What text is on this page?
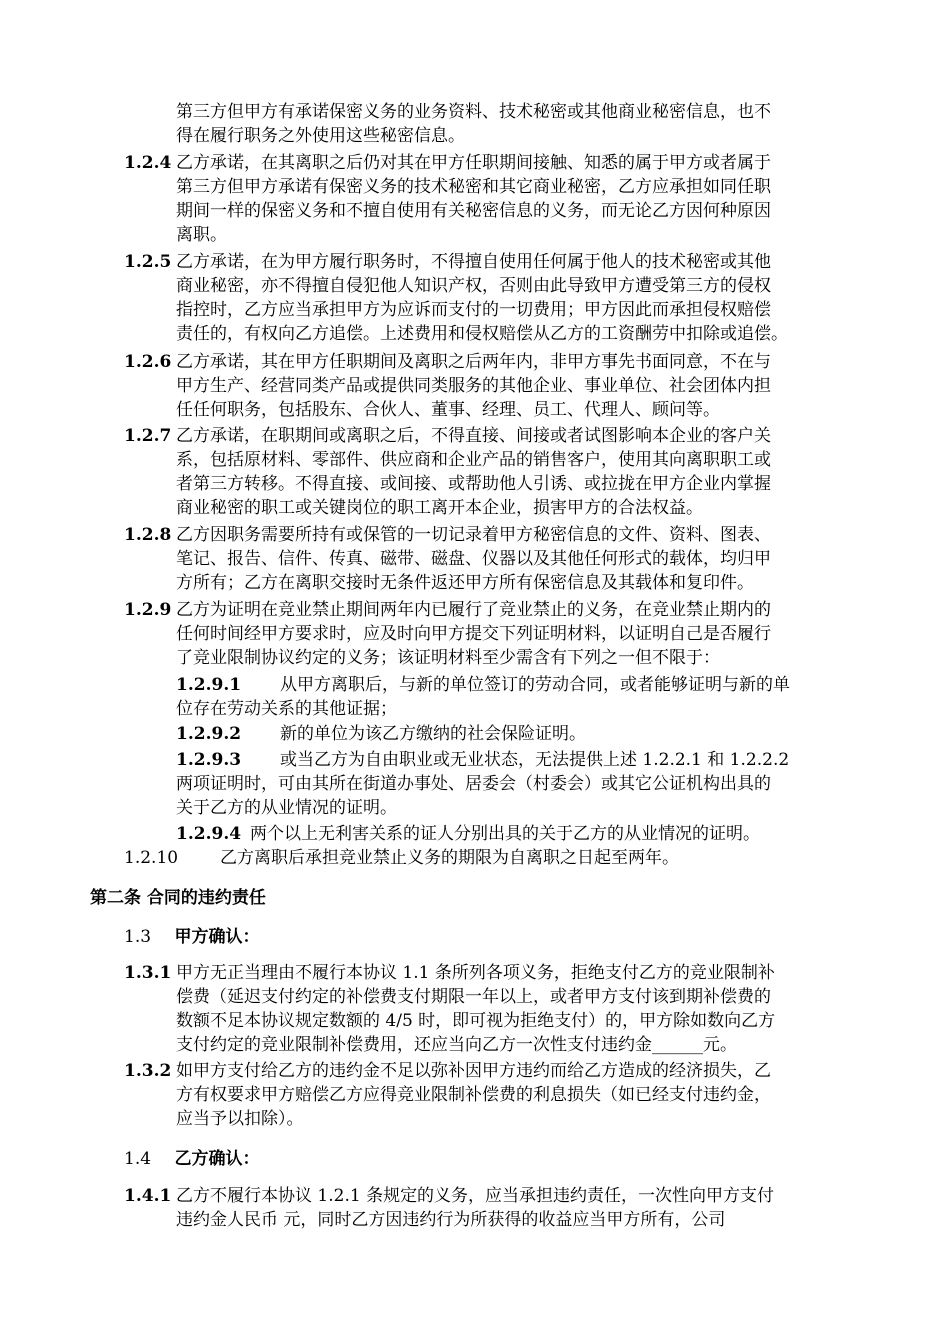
第三方但甲方有承诺保密义务的业务资料、技术秘密或其他商业秘密信息，也不
得在履行职务之外使用这些秘密信息。
1.2.4 乙方承诺，在其离职之后仍对其在甲方任职期间接触、知悉的属于甲方或者属于
第三方但甲方承诺有保密义务的技术秘密和其它商业秘密，乙方应承担如同任职
期间一样的保密义务和不擅自使用有关秘密信息的义务，而无论乙方因何种原因
离职。
1.2.5 乙方承诺，在为甲方履行职务时，不得擅自使用任何属于他人的技术秘密或其他
商业秘密，亦不得擅自侵犯他人知识产权，否则由此导致甲方遭受第三方的侵权
指控时，乙方应当承担甲方为应诉而支付的一切费用；甲方因此而承担侵权赔偿
责任的，有权向乙方追偿。上述费用和侵权赔偿从乙方的工资酬劳中扣除或追偿。
1.2.6 乙方承诺，其在甲方任职期间及离职之后两年内，非甲方事先书面同意，不在与
甲方生产、经营同类产品或提供同类服务的其他企业、事业单位、社会团体内担
任任何职务，包括股东、合伙人、董事、经理、员工、代理人、顾问等。
1.2.7 乙方承诺，在职期间或离职之后，不得直接、间接或者试图影响本企业的客户关
系，包括原材料、零部件、供应商和企业产品的销售客户，使用其向离职职工或
者第三方转移。不得直接、或间接、或帮助他人引诱、或拉拢在甲方企业内掌握
商业秘密的职工或关键岗位的职工离开本企业，损害甲方的合法权益。
1.2.8 乙方因职务需要所持有或保管的一切记录着甲方秘密信息的文件、资料、图表、
笔记、报告、信件、传真、磁带、磁盘、仪器以及其他任何形式的载体，均归甲
方所有；乙方在离职交接时无条件返还甲方所有保密信息及其载体和复印件。
1.2.9 乙方为证明在竞业禁止期间两年内已履行了竞业禁止的义务，在竞业禁止期内的
任何时间经甲方要求时，应及时向甲方提交下列证明材料，以证明自己是否履行
了竞业限制协议约定的义务；该证明材料至少需含有下列之一但不限于：
1.2.9.1 从甲方离职后，与新的单位签订的劳动合同，或者能够证明与新的单
位存在劳动关系的其他证据；
1.2.9.2 新的单位为该乙方缴纳的社会保险证明。
1.2.9.3 或当乙方为自由职业或无业状态，无法提供上述 1.2.2.1 和 1.2.2.2
两项证明时，可由其所在街道办事处、居委会（村委会）或其它公证机构出具的
关于乙方的从业情况的证明。
1.2.9.4 两个以上无利害关系的证人分别出具的关于乙方的从业情况的证明。
1.2.10 乙方离职后承担竞业禁止义务的期限为自离职之日起至两年。
第二条 合同的违约责任
1.3 甲方确认：
1.3.1 甲方无正当理由不履行本协议 1.1 条所列各项义务，拒绝支付乙方的竞业限制补
偿费（延迟支付约定的补偿费支付期限一年以上，或者甲方支付该到期补偿费的
数额不足本协议规定数额的 4/5 时，即可视为拒绝支付）的，甲方除如数向乙方
支付约定的竞业限制补偿费用，还应当向乙方一次性支付违约金______元。
1.3.2 如甲方支付给乙方的违约金不足以弥补因甲方违约而给乙方造成的经济损失，乙
方有权要求甲方赔偿乙方应得竞业限制补偿费的利息损失（如已经支付违约金，
应当予以扣除）。
1.4 乙方确认：
1.4.1 乙方不履行本协议 1.2.1 条规定的义务，应当承担违约责任，一次性向甲方支付
违约金人民币 元，同时乙方因违约行为所获得的收益应当甲方所有，公司
